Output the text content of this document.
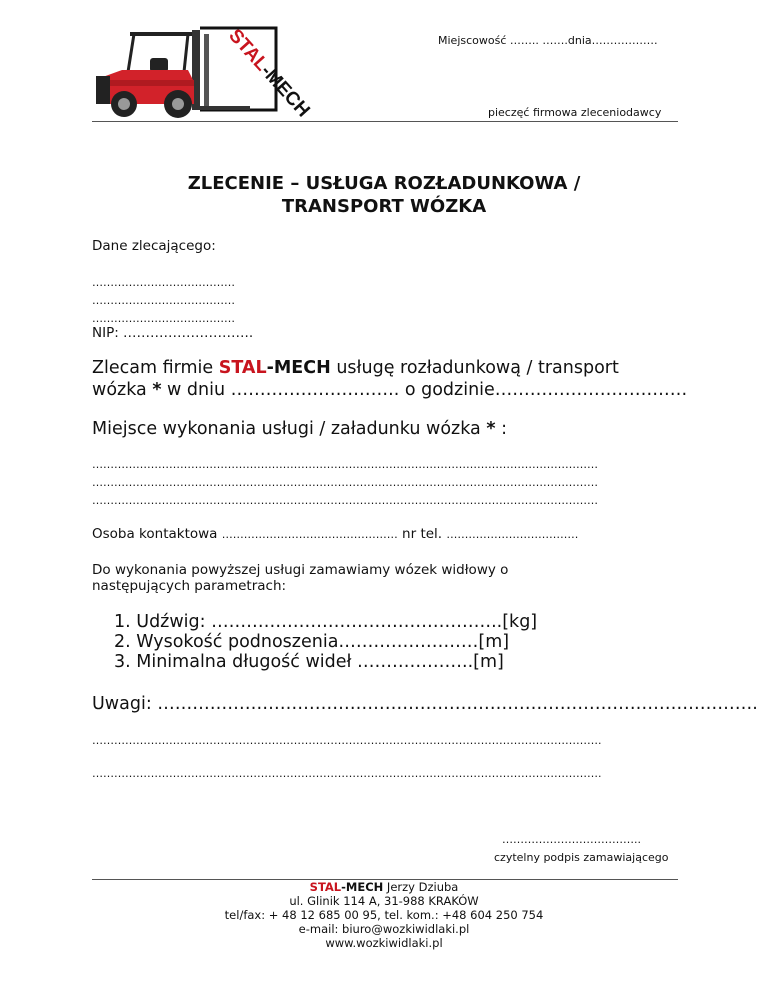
STAL
-MECH
Miejscowość …….. …….dnia………………
pieczęć firmowa zleceniodawcy
ZLECENIE – USŁUGA ROZŁADUNKOWA /
TRANSPORT WÓZKA
Dane zlecającego:
…………………………………
…………………………………
…………………………………
NIP: ………………………..
Zlecam firmie STAL-MECH usługę rozładunkową / transport
wózka * w dniu ……………………….. o godzinie……………………………
Miejsce wykonania usługi / załadunku wózka * :
…………………………………………………………………………………………………………………………
…………………………………………………………………………………………………………………………
…………………………………………………………………………………………………………………………
Osoba kontaktowa ………………………………………… nr tel. ………………………………
Do wykonania powyższej usługi zamawiamy wózek widłowy o
następujących parametrach:
1. Udźwig: …………………………………………..[kg]
2. Wysokość podnoszenia……………………[m]
3. Minimalna długość wideł ………………..[m]
Uwagi: ………………………………………………………………………………………….
………………………………………………………………………………………………………………………….
………………………………………………………………………………………………………………………….
………………………………..
czytelny podpis zamawiającego
STAL-MECH Jerzy Dziuba
ul. Glinik 114 A, 31-988 KRAKÓW
tel/fax: + 48 12 685 00 95, tel. kom.: +48 604 250 754
e-mail: biuro@wozkiwidlaki.pl
www.wozkiwidlaki.pl
